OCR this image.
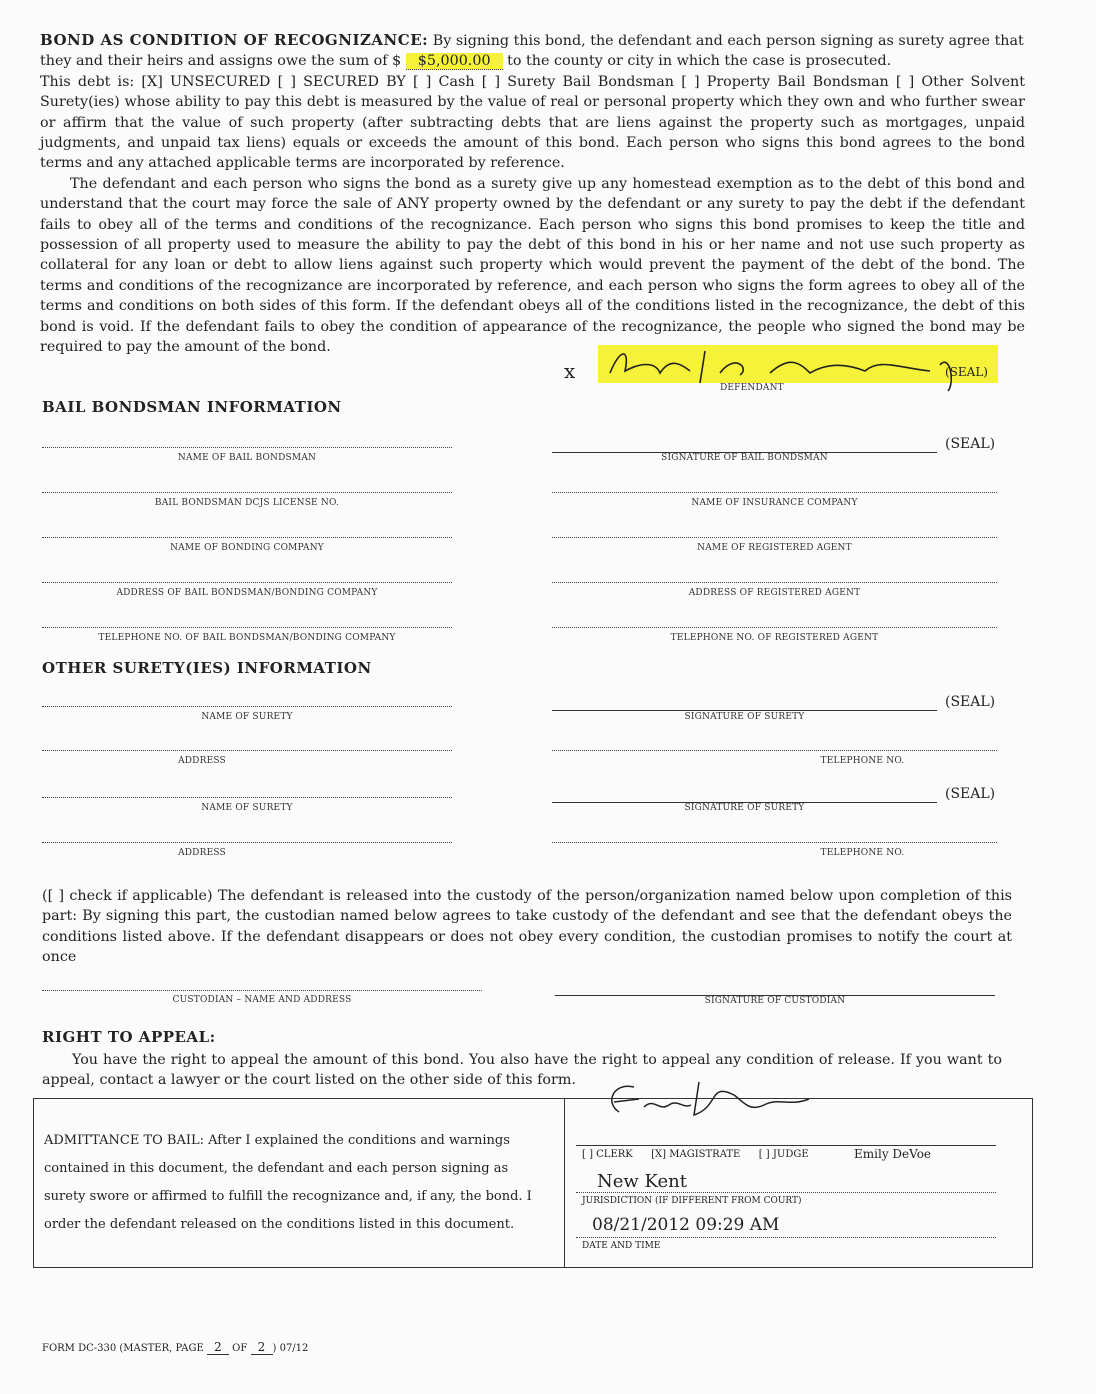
BOND AS CONDITION OF RECOGNIZANCE: By signing this bond, the defendant and each person signing as surety agree that
they and their heirs and assigns owe the sum of $ $5,000.00 to the county or city in which the case is prosecuted.
This debt is: [X] UNSECURED [ ] SECURED BY [ ] Cash [ ] Surety Bail Bondsman [ ] Property Bail Bondsman [ ] Other Solvent Surety(ies) whose ability to pay this debt is measured by the value of real or personal property which they own and who further swear or affirm that the value of such property (after subtracting debts that are liens against the property such as mortgages, unpaid judgments, and unpaid tax liens) equals or exceeds the amount of this bond. Each person who signs this bond agrees to the bond terms and any attached applicable terms are incorporated by reference.
The defendant and each person who signs the bond as a surety give up any homestead exemption as to the debt of this bond and understand that the court may force the sale of ANY property owned by the defendant or any surety to pay the debt if the defendant fails to obey all of the terms and conditions of the recognizance. Each person who signs this bond promises to keep the title and possession of all property used to measure the ability to pay the debt of this bond in his or her name and not use such property as collateral for any loan or debt to allow liens against such property which would prevent the payment of the debt of the bond. The terms and conditions of the recognizance are incorporated by reference, and each person who signs the form agrees to obey all of the terms and conditions on both sides of this form. If the defendant obeys all of the conditions listed in the recognizance, the debt of this bond is void. If the defendant fails to obey the condition of appearance of the recognizance, the people who signed the bond may be required to pay the amount of the bond.
x	(SEAL)
DEFENDANT
BAIL BONDSMAN INFORMATION
NAME OF BAIL BONDSMAN
(SEAL)
SIGNATURE OF BAIL BONDSMAN
BAIL BONDSMAN DCJS LICENSE NO.	NAME OF INSURANCE COMPANY
NAME OF BONDING COMPANY	NAME OF REGISTERED AGENT
ADDRESS OF BAIL BONDSMAN/BONDING COMPANY	ADDRESS OF REGISTERED AGENT
TELEPHONE NO. OF BAIL BONDSMAN/BONDING COMPANY	TELEPHONE NO. OF REGISTERED AGENT
OTHER SURETY(IES) INFORMATION
NAME OF SURETY
(SEAL)
SIGNATURE OF SURETY
ADDRESS	TELEPHONE NO.
NAME OF SURETY
(SEAL)
SIGNATURE OF SURETY
ADDRESS	TELEPHONE NO.
([ ] check if applicable) The defendant is released into the custody of the person/organization named below upon completion of this part: By signing this part, the custodian named below agrees to take custody of the defendant and see that the defendant obeys the conditions listed above. If the defendant disappears or does not obey every condition, the custodian promises to notify the court at once
CUSTODIAN – NAME AND ADDRESS	SIGNATURE OF CUSTODIAN
RIGHT TO APPEAL:
You have the right to appeal the amount of this bond. You also have the right to appeal any condition of release. If you want to appeal, contact a lawyer or the court listed on the other side of this form.
ADMITTANCE TO BAIL: After I explained the conditions and warnings contained in this document, the defendant and each person signing as surety swore or affirmed to fulfill the recognizance and, if any, the bond. I order the defendant released on the conditions listed in this document.
[ ] CLERK [X] MAGISTRATE [ ] JUDGE	Emily DeVoe
New Kent
JURISDICTION (IF DIFFERENT FROM COURT)
08/21/2012 09:29 AM
DATE AND TIME
FORM DC-330 (MASTER, PAGE 2 OF 2 ) 07/12
